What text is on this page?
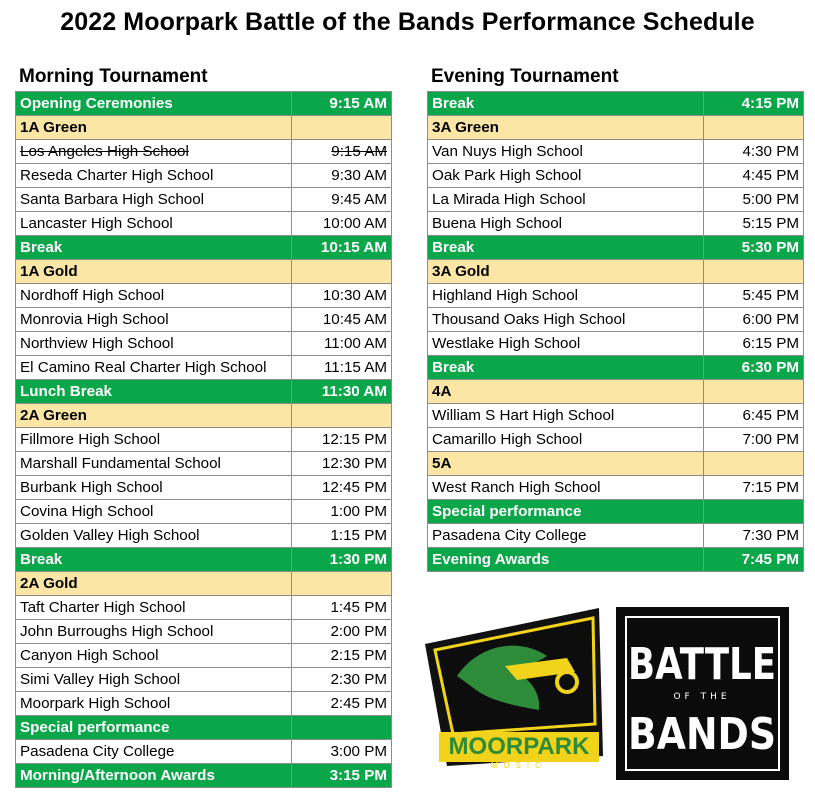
2022 Moorpark Battle of the Bands Performance Schedule
Morning Tournament	Evening Tournament
Opening Ceremonies	9:15 AM
1A Green	
Los Angeles High School	9:15 AM
Reseda Charter High School	9:30 AM
Santa Barbara High School	9:45 AM
Lancaster High School	10:00 AM
Break	10:15 AM
1A Gold	
Nordhoff High School	10:30 AM
Monrovia High School	10:45 AM
Northview High School	11:00 AM
El Camino Real Charter High School	11:15 AM
Lunch Break	11:30 AM
2A Green	
Fillmore High School	12:15 PM
Marshall Fundamental School	12:30 PM
Burbank High School	12:45 PM
Covina High School	1:00 PM
Golden Valley High School	1:15 PM
Break	1:30 PM
2A Gold	
Taft Charter High School	1:45 PM
John Burroughs High School	2:00 PM
Canyon High School	2:15 PM
Simi Valley High School	2:30 PM
Moorpark High School	2:45 PM
Special performance	
Pasadena City College	3:00 PM
Morning/Afternoon Awards	3:15 PM
Break	4:15 PM
3A Green	
Van Nuys High School	4:30 PM
Oak Park High School	4:45 PM
La Mirada High School	5:00 PM
Buena High School	5:15 PM
Break	5:30 PM
3A Gold	
Highland High School	5:45 PM
Thousand Oaks High School	6:00 PM
Westlake High School	6:15 PM
Break	6:30 PM
4A	
William S Hart High School	6:45 PM
Camarillo High School	7:00 PM
5A	
West Ranch High School	7:15 PM
Special performance	
Pasadena City College	7:30 PM
Evening Awards	7:45 PM
MOORPARK
MUSIC
BATTLE
OF THE
BANDS
